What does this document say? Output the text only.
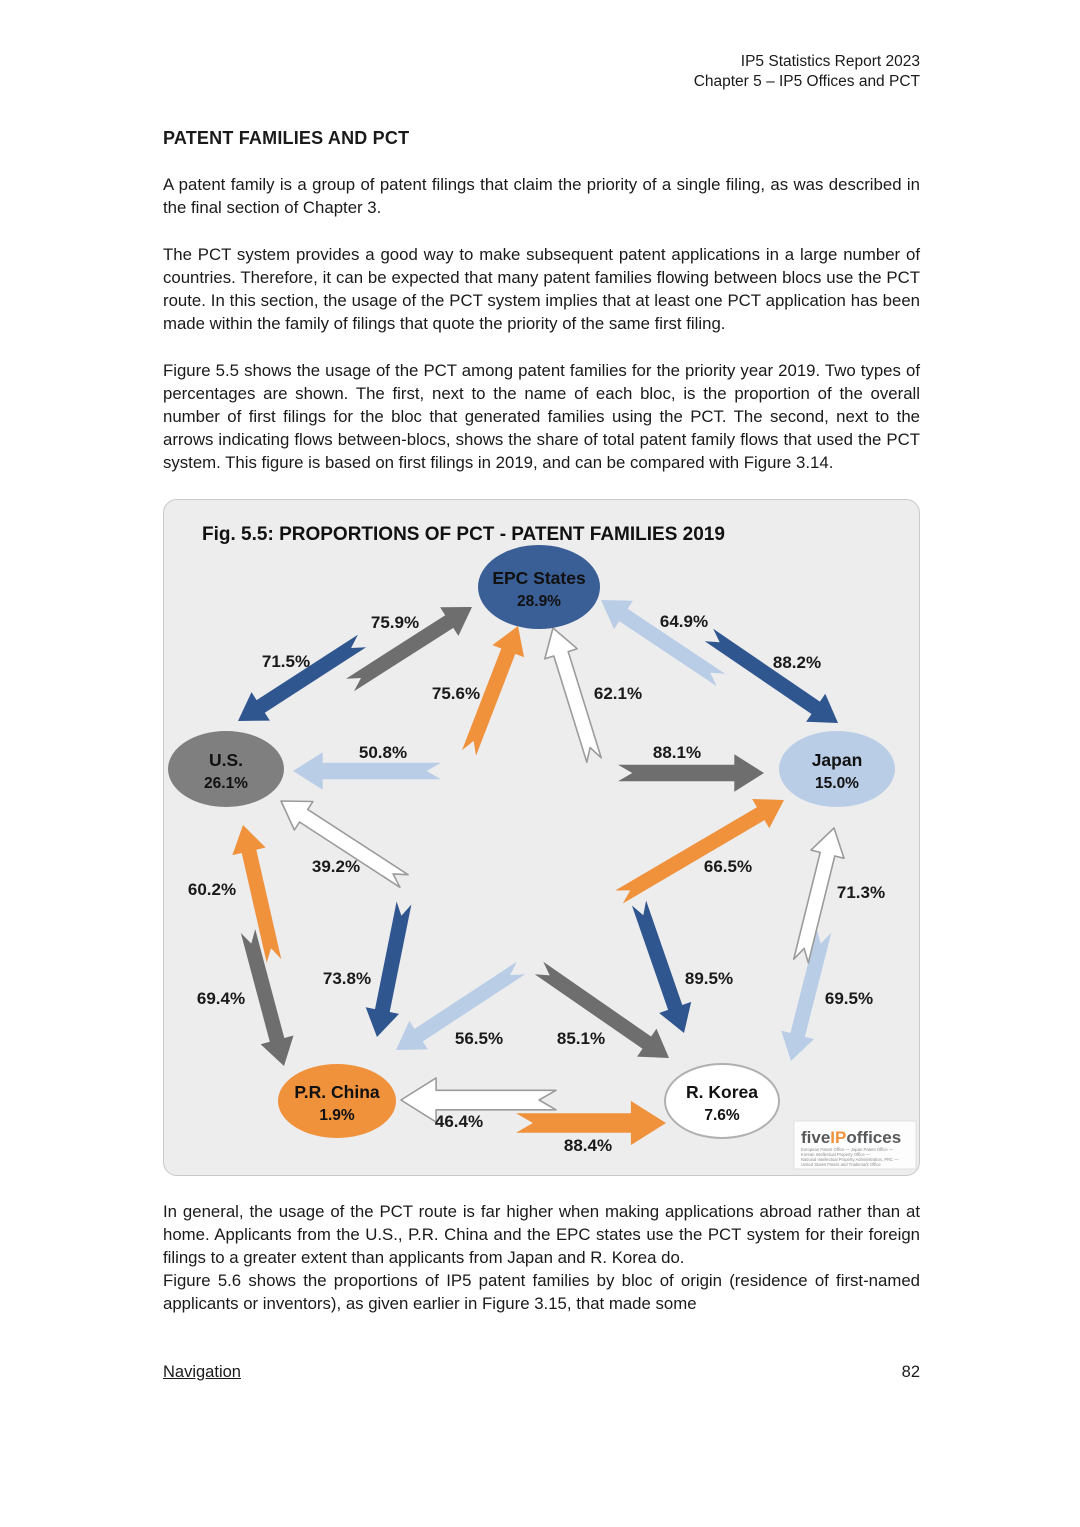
IP5 Statistics Report 2023
Chapter 5 – IP5 Offices and PCT
PATENT FAMILIES AND PCT

A patent family is a group of patent filings that claim the priority of a single filing, as was described in the final section of Chapter 3.

The PCT system provides a good way to make subsequent patent applications in a large number of countries. Therefore, it can be expected that many patent families flowing between blocs use the PCT route. In this section, the usage of the PCT system implies that at least one PCT application has been made within the family of filings that quote the priority of the same first filing.

Figure 5.5 shows the usage of the PCT among patent families for the priority year 2019. Two types of percentages are shown. The first, next to the name of each bloc, is the proportion of the overall number of first filings for the bloc that generated families using the PCT. The second, next to the arrows indicating flows between-blocs, shows the share of total patent family flows that used the PCT system. This figure is based on first filings in 2019, and can be compared with Figure 3.14.

Fig. 5.5: PROPORTIONS OF PCT - PATENT FAMILIES 2019
EPC States
28.9%
U.S.
26.1%
Japan
15.0%
P.R. China
1.9%
R. Korea
7.6%
71.5%
75.9%
75.6%	62.1%
64.9%
88.2%
50.8%	88.1%
39.2%
69.4%
60.2%
73.8%
56.5%
46.4%
88.4%
85.1%
89.5%
66.5%
69.5%
71.3%
fiveIPoffices
European Patent Office — Japan Patent Office —
Korean Intellectual Property Office —
National Intellectual Property Administration, PRC —
United States Patent and Trademark Office

In general, the usage of the PCT route is far higher when making applications abroad rather than at home. Applicants from the U.S., P.R. China and the EPC states use the PCT system for their foreign filings to a greater extent than applicants from Japan and R. Korea do.

Figure 5.6 shows the proportions of IP5 patent families by bloc of origin (residence of first-named applicants or inventors), as given earlier in Figure 3.15, that made some

Navigation	82
